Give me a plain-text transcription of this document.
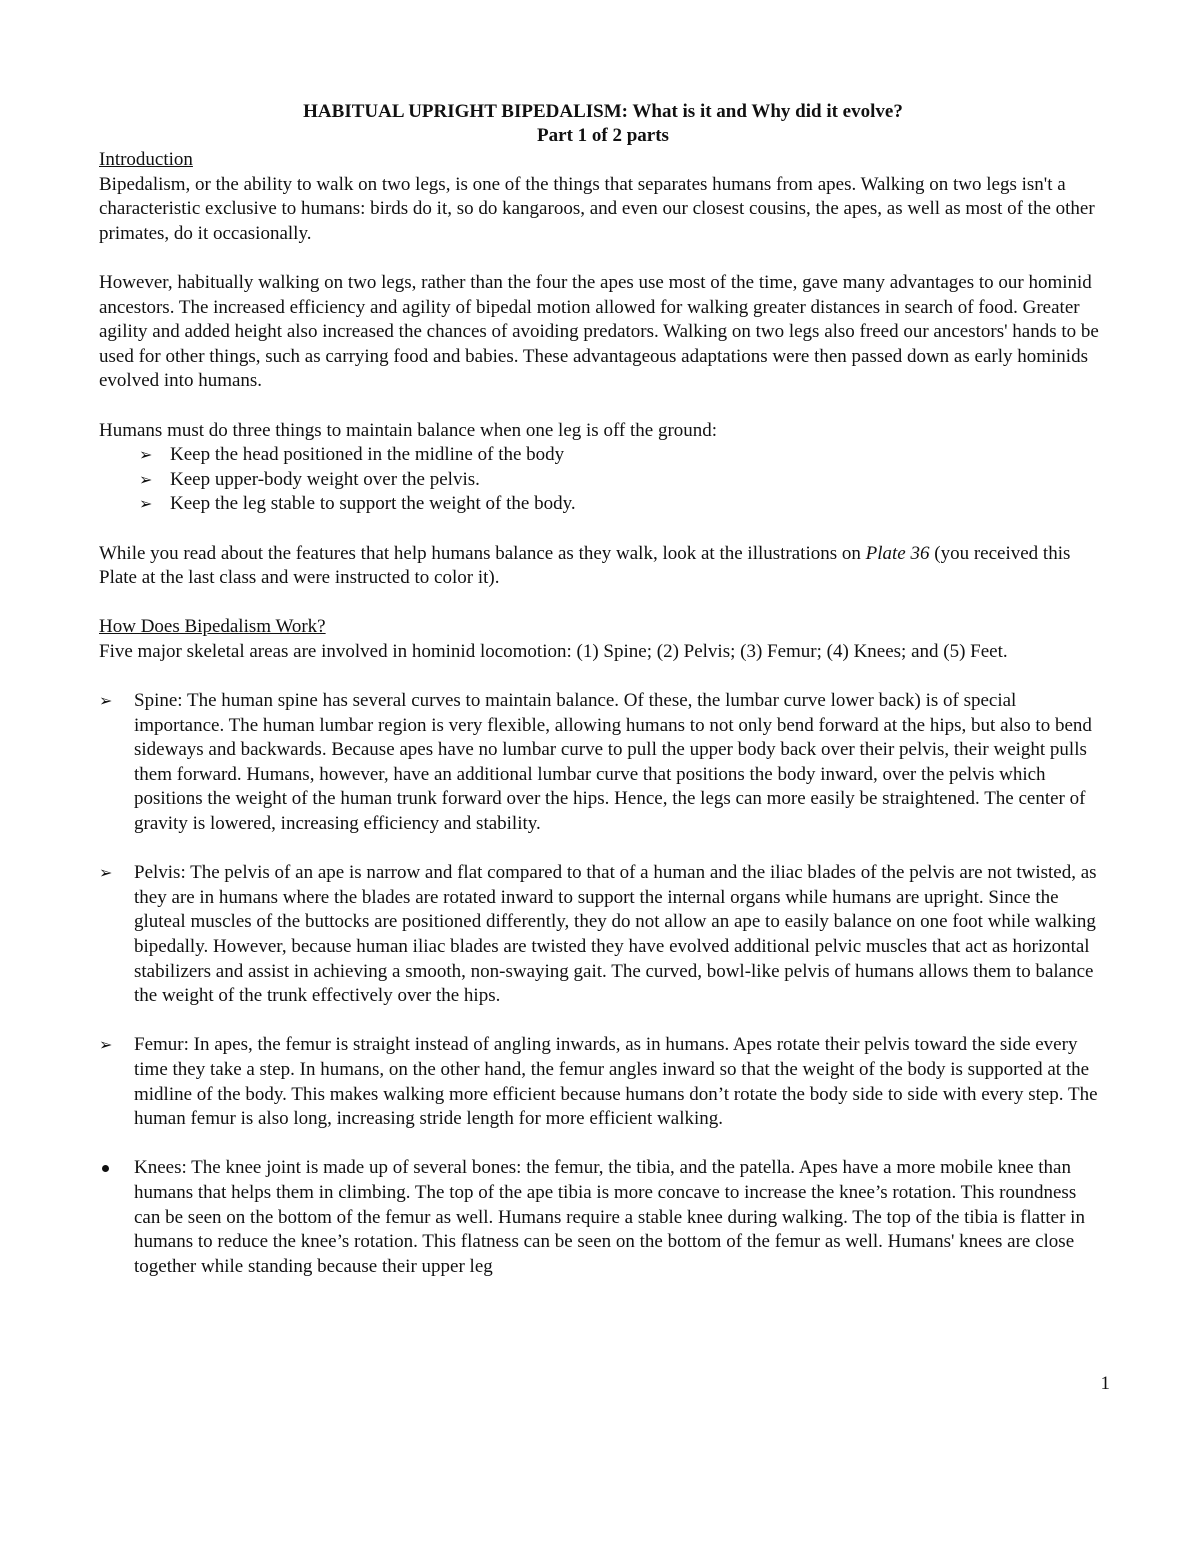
HABITUAL UPRIGHT BIPEDALISM: What is it and Why did it evolve?
Part 1 of 2 parts

Introduction

Bipedalism, or the ability to walk on two legs, is one of the things that separates humans from apes. Walking on two legs isn't a characteristic exclusive to humans: birds do it, so do kangaroos, and even our closest cousins, the apes, as well as most of the other primates, do it occasionally.

However, habitually walking on two legs, rather than the four the apes use most of the time, gave many advantages to our hominid ancestors. The increased efficiency and agility of bipedal motion allowed for walking greater distances in search of food. Greater agility and added height also increased the chances of avoiding predators. Walking on two legs also freed our ancestors' hands to be used for other things, such as carrying food and babies. These advantageous adaptations were then passed down as early hominids evolved into humans.

Humans must do three things to maintain balance when one leg is off the ground:

➢ Keep the head positioned in the midline of the body
➢ Keep upper-body weight over the pelvis.
➢ Keep the leg stable to support the weight of the body.

While you read about the features that help humans balance as they walk, look at the illustrations on Plate 36 (you received this Plate at the last class and were instructed to color it).

How Does Bipedalism Work?

Five major skeletal areas are involved in hominid locomotion: (1) Spine; (2) Pelvis; (3) Femur; (4) Knees; and (5) Feet.

➢	Spine: The human spine has several curves to maintain balance. Of these, the lumbar curve lower back) is of special importance. The human lumbar region is very flexible, allowing humans to not only bend forward at the hips, but also to bend sideways and backwards. Because apes have no lumbar curve to pull the upper body back over their pelvis, their weight pulls them forward. Humans, however, have an additional lumbar curve that positions the body inward, over the pelvis which positions the weight of the human trunk forward over the hips. Hence, the legs can more easily be straightened. The center of gravity is lowered, increasing efficiency and stability.

➢	Pelvis: The pelvis of an ape is narrow and flat compared to that of a human and the iliac blades of the pelvis are not twisted, as they are in humans where the blades are rotated inward to support the internal organs while humans are upright. Since the gluteal muscles of the buttocks are positioned differently, they do not allow an ape to easily balance on one foot while walking bipedally. However, because human iliac blades are twisted they have evolved additional pelvic muscles that act as horizontal stabilizers and assist in achieving a smooth, non-swaying gait. The curved, bowl-like pelvis of humans allows them to balance the weight of the trunk effectively over the hips.

➢	Femur: In apes, the femur is straight instead of angling inwards, as in humans. Apes rotate their pelvis toward the side every time they take a step. In humans, on the other hand, the femur angles inward so that the weight of the body is supported at the midline of the body. This makes walking more efficient because humans don’t rotate the body side to side with every step. The human femur is also long, increasing stride length for more efficient walking.

Knees: The knee joint is made up of several bones: the femur, the tibia, and the patella. Apes have a more mobile knee than humans that helps them in climbing. The top of the ape tibia is more concave to increase the knee’s rotation. This roundness can be seen on the bottom of the femur as well. Humans require a stable knee during walking. The top of the tibia is flatter in humans to reduce the knee’s rotation. This flatness can be seen on the bottom of the femur as well. Humans' knees are close together while standing because their upper leg

1
